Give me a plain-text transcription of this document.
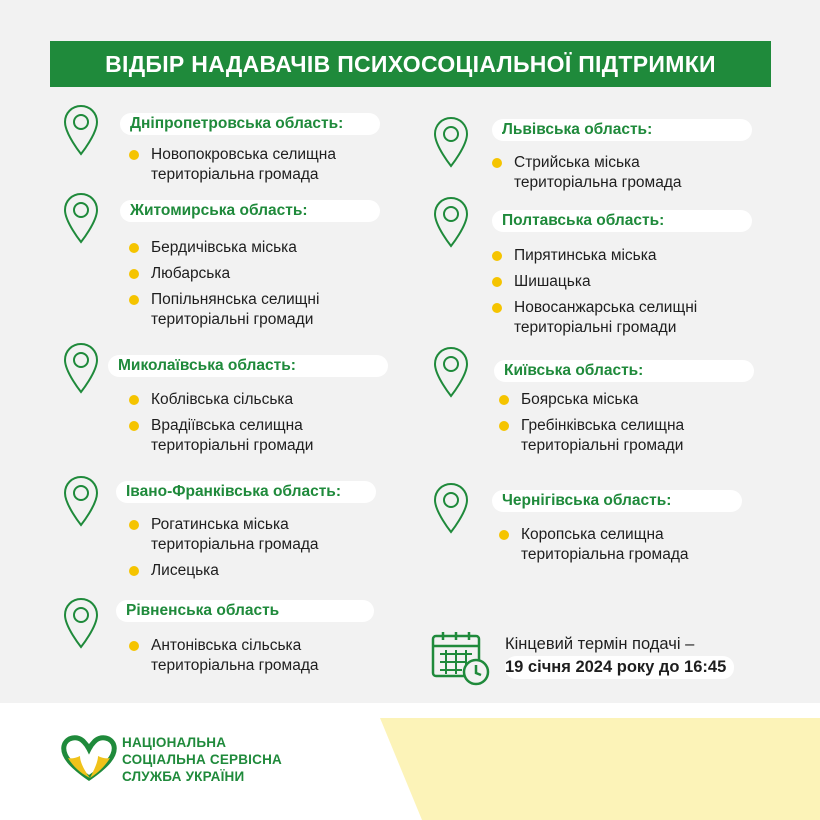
ВІДБІР НАДАВАЧІВ ПСИХОСОЦІАЛЬНОЇ ПІДТРИМКИ
Дніпропетровська область:
Новопокровська селищна
територіальна громада
Житомирська область:
Бердичівська міська
Любарська
Попільнянська селищні
територіальні громади
Миколаївська область:
Коблівська сільська
Врадіївська селищна
територіальні громади
Івано-Франківська область:
Рогатинська міська
територіальна громада
Лисецька
Рівненська область
Антонівська сільська
територіальна громада
Львівська область:
Стрийська міська
територіальна громада
Полтавська область:
Пирятинська міська
Шишацька
Новосанжарська селищні
територіальні громади
Київська область:
Боярська міська
Гребінківська селищна
територіальні громади
Чернігівська область:
Коропська селищна
територіальна громада
НАЦІОНАЛЬНА
СОЦІАЛЬНА СЕРВІСНА
СЛУЖБА УКРАЇНИ
Кінцевий термін подачі –
19 січня 2024 року до 16:45
